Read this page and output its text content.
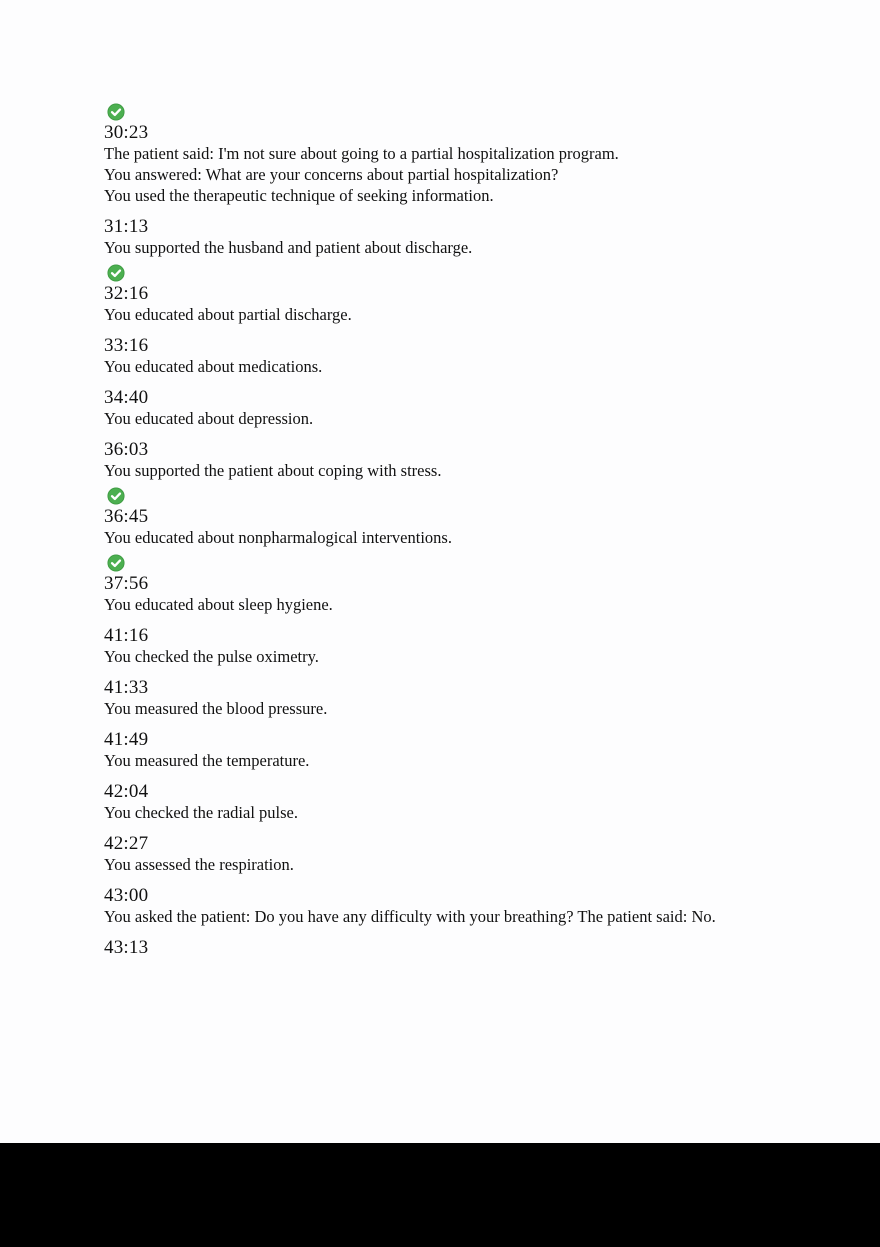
30:23
The patient said: I'm not sure about going to a partial hospitalization program.
You answered: What are your concerns about partial hospitalization?
You used the therapeutic technique of seeking information.
31:13
You supported the husband and patient about discharge.
32:16
You educated about partial discharge.
33:16
You educated about medications.
34:40
You educated about depression.
36:03
You supported the patient about coping with stress.
36:45
You educated about nonpharmalogical interventions.
37:56
You educated about sleep hygiene.
41:16
You checked the pulse oximetry.
41:33
You measured the blood pressure.
41:49
You measured the temperature.
42:04
You checked the radial pulse.
42:27
You assessed the respiration.
43:00
You asked the patient: Do you have any difficulty with your breathing? The patient said: No.
43:13
